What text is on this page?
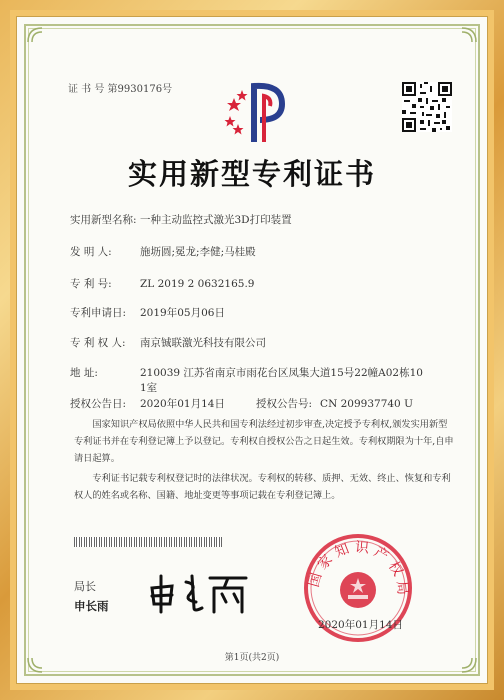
证 书 号 第9930176号
实用新型专利证书
实用新型名称: 一种主动监控式激光3D打印装置
发 明 人:	施坜圆;冕龙;李健;马桂殿
专 利 号:	ZL 2019 2 0632165.9
专利申请日: 2019年05月06日
专 利 权 人: 南京铖联激光科技有限公司
地 址:	210039 江苏省南京市雨花台区凤集大道15号22幢A02栋10
1室
授权公告日: 2020年01月14日	授权公告号: CN 209937740 U
国家知识产权局依照中华人民共和国专利法经过初步审查,决定授予专利权,颁发实用新型专利证书并在专利登记簿上予以登记。专利权自授权公告之日起生效。专利权期限为十年,自申请日起算。
专利证书记载专利权登记时的法律状况。专利权的转移、质押、无效、终止、恢复和专利权人的姓名或名称、国籍、地址变更等事项记载在专利登记簿上。
局长
申长雨
国 家 知 识 产 权 局
2020年01月14日
第1页(共2页)
